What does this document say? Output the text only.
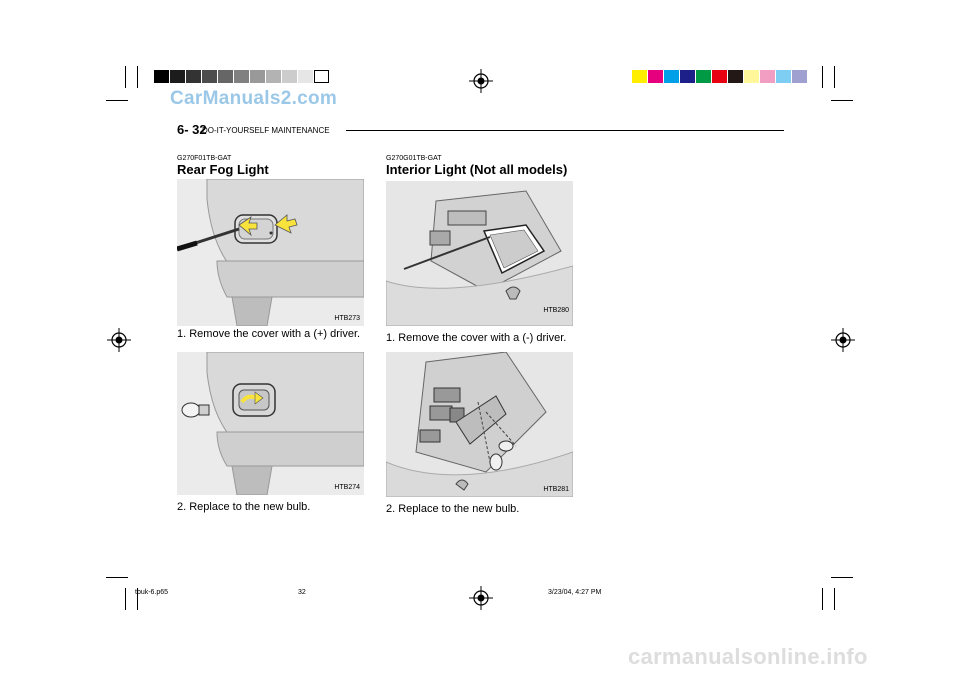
CarManuals2.com
carmanualsonline.info
6- 32
DO-IT-YOURSELF MAINTENANCE
G270F01TB-GAT
Rear Fog Light
HTB273
1. Remove the cover with a (+) driver.
HTB274
2. Replace to the new bulb.
G270G01TB-GAT
Interior Light (Not all models)
HTB280
1. Remove the cover with a (-) driver.
HTB281
2. Replace to the new bulb.
tbuk-6.p65	32	3/23/04, 4:27 PM
